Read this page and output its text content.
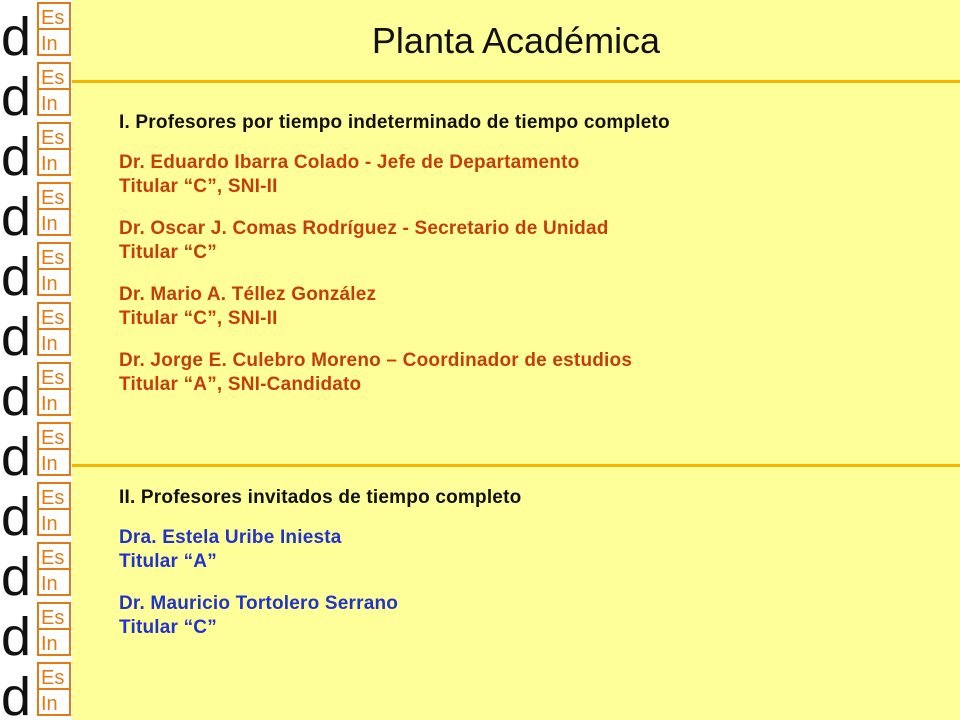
d Es
In
d Es
In
d Es
In
d Es
In
d Es
In
d Es
In
d Es
In
d Es
In
d Es
In
d Es
In
d Es
In
d Es
In
Planta Académica

I. Profesores por tiempo indeterminado de tiempo completo

Dr. Eduardo Ibarra Colado - Jefe de Departamento
Titular “C”, SNI-II

Dr. Oscar J. Comas Rodríguez - Secretario de Unidad
Titular “C”

Dr. Mario A. Téllez González
Titular “C”, SNI-II

Dr. Jorge E. Culebro Moreno – Coordinador de estudios
Titular “A”, SNI-Candidato

II. Profesores invitados de tiempo completo

Dra. Estela Uribe Iniesta
Titular “A”

Dr. Mauricio Tortolero Serrano
Titular “C”
